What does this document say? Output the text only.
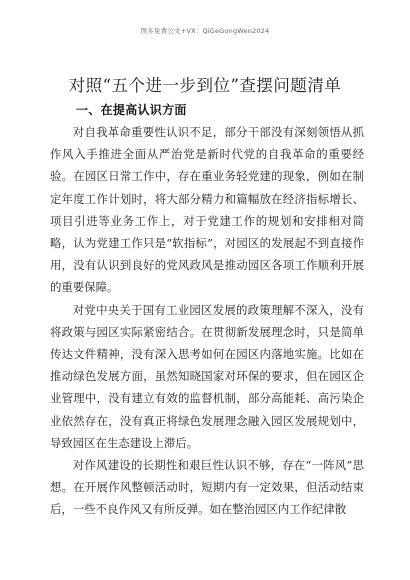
图多免费公文+VX：QiGeGongWen2024
对照“五个进一步到位”查摆问题清单
一、在提高认识方面

对自我革命重要性认识不足，部分干部没有深刻领悟从抓作风入手推进全面从严治党是新时代党的自我革命的重要经验。在园区日常工作中，存在重业务轻党建的现象，例如在制定年度工作计划时，将大部分精力和篇幅放在经济指标增长、项目引进等业务工作上，对于党建工作的规划和安排相对简略，认为党建工作只是“软指标”，对园区的发展起不到直接作用，没有认识到良好的党风政风是推动园区各项工作顺利开展的重要保障。

对党中央关于国有工业园区发展的政策理解不深入，没有将政策与园区实际紧密结合。在贯彻新发展理念时，只是简单传达文件精神，没有深入思考如何在园区内落地实施。比如在推动绿色发展方面，虽然知晓国家对环保的要求，但在园区企业管理中，没有建立有效的监督机制，部分高能耗、高污染企业依然存在，没有真正将绿色发展理念融入园区发展规划中，导致园区在生态建设上滞后。

对作风建设的长期性和艰巨性认识不够，存在“一阵风”思想。在开展作风整顿活动时，短期内有一定效果，但活动结束后，一些不良作风又有所反弹。如在整治园区内工作纪律散
